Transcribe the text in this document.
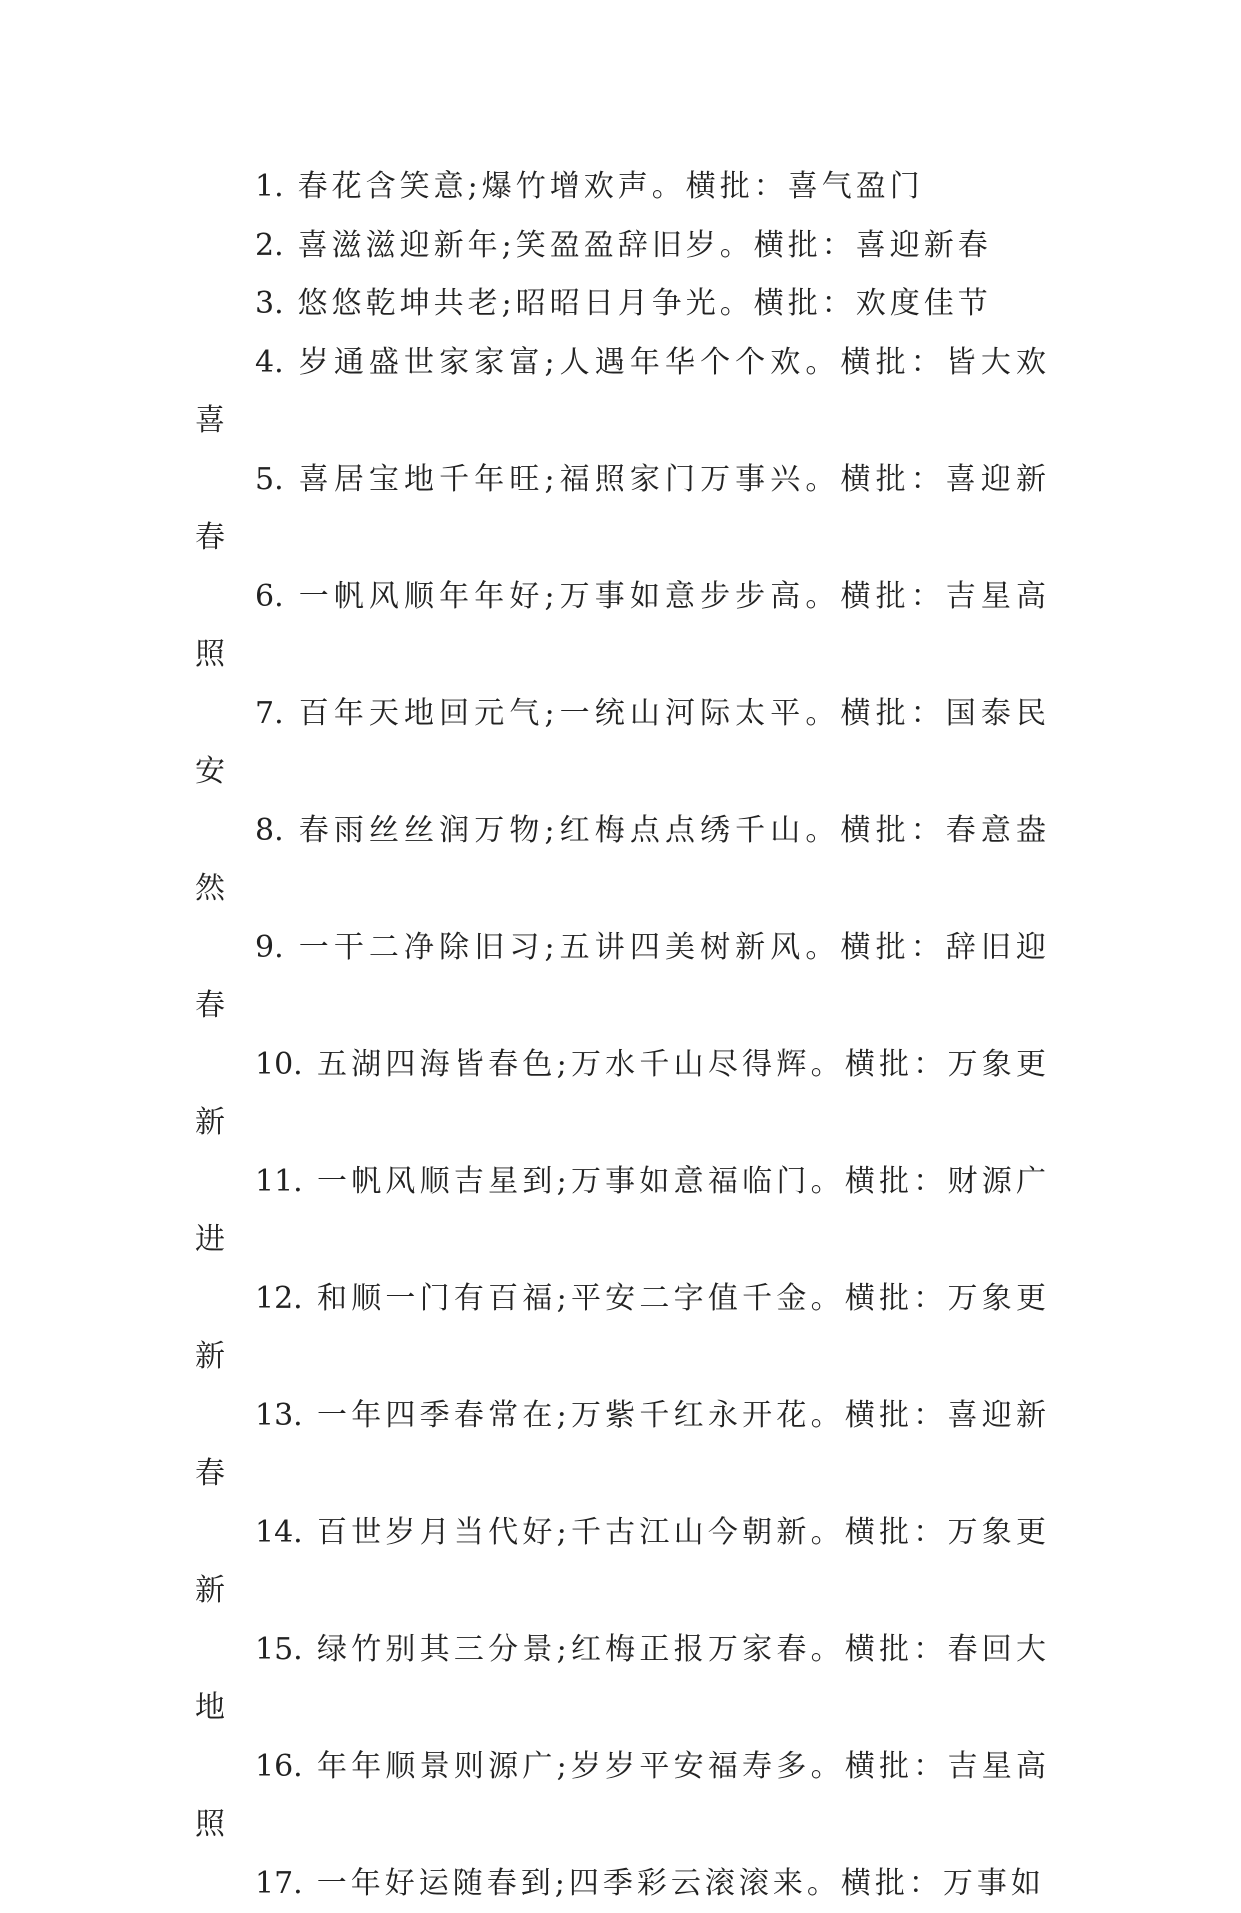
1. 春花含笑意;爆竹增欢声。横批：喜气盈门

2. 喜滋滋迎新年;笑盈盈辞旧岁。横批：喜迎新春

3. 悠悠乾坤共老;昭昭日月争光。横批：欢度佳节

4. 岁通盛世家家富;人遇年华个个欢。横批：皆大欢喜

5. 喜居宝地千年旺;福照家门万事兴。横批：喜迎新春

6. 一帆风顺年年好;万事如意步步高。横批：吉星高照

7. 百年天地回元气;一统山河际太平。横批：国泰民安

8. 春雨丝丝润万物;红梅点点绣千山。横批：春意盎然

9. 一干二净除旧习;五讲四美树新风。横批：辞旧迎春

10. 五湖四海皆春色;万水千山尽得辉。横批：万象更新

11. 一帆风顺吉星到;万事如意福临门。横批：财源广进

12. 和顺一门有百福;平安二字值千金。横批：万象更新

13. 一年四季春常在;万紫千红永开花。横批：喜迎新春

14. 百世岁月当代好;千古江山今朝新。横批：万象更新

15. 绿竹别其三分景;红梅正报万家春。横批：春回大地

16. 年年顺景则源广;岁岁平安福寿多。横批：吉星高照

17. 一年好运随春到;四季彩云滚滚来。横批：万事如
